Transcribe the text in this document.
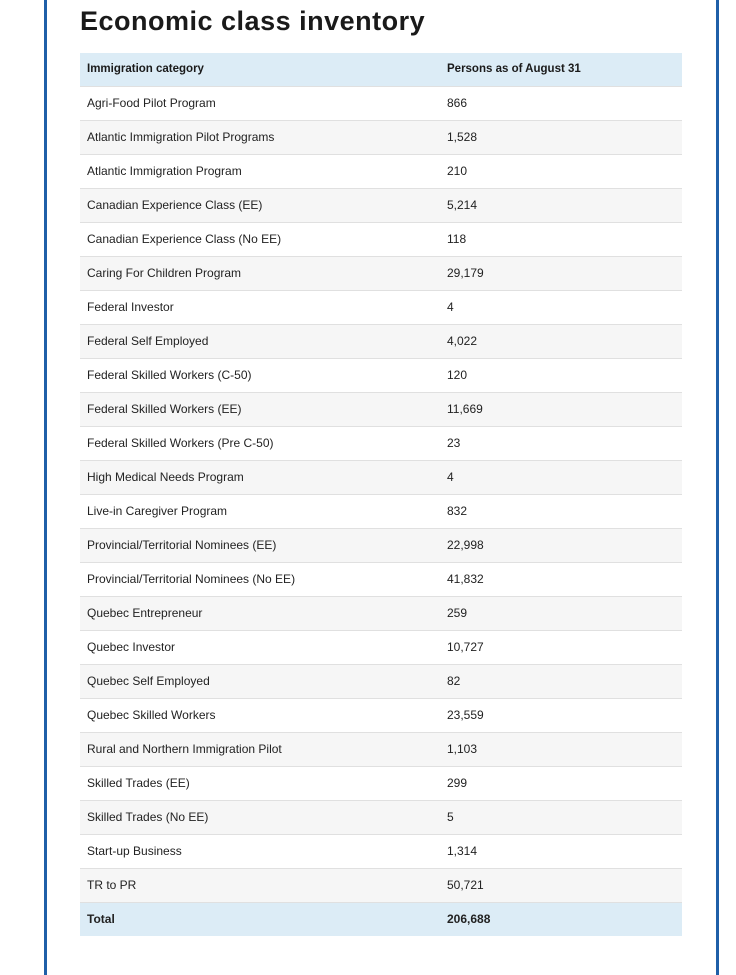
Economic class inventory
Immigration category	Persons as of August 31
Agri-Food Pilot Program	866
Atlantic Immigration Pilot Programs	1,528
Atlantic Immigration Program	210
Canadian Experience Class (EE)	5,214
Canadian Experience Class (No EE)	118
Caring For Children Program	29,179
Federal Investor	4
Federal Self Employed	4,022
Federal Skilled Workers (C-50)	120
Federal Skilled Workers (EE)	11,669
Federal Skilled Workers (Pre C-50)	23
High Medical Needs Program	4
Live-in Caregiver Program	832
Provincial/Territorial Nominees (EE)	22,998
Provincial/Territorial Nominees (No EE)	41,832
Quebec Entrepreneur	259
Quebec Investor	10,727
Quebec Self Employed	82
Quebec Skilled Workers	23,559
Rural and Northern Immigration Pilot	1,103
Skilled Trades (EE)	299
Skilled Trades (No EE)	5
Start-up Business	1,314
TR to PR	50,721
Total	206,688
